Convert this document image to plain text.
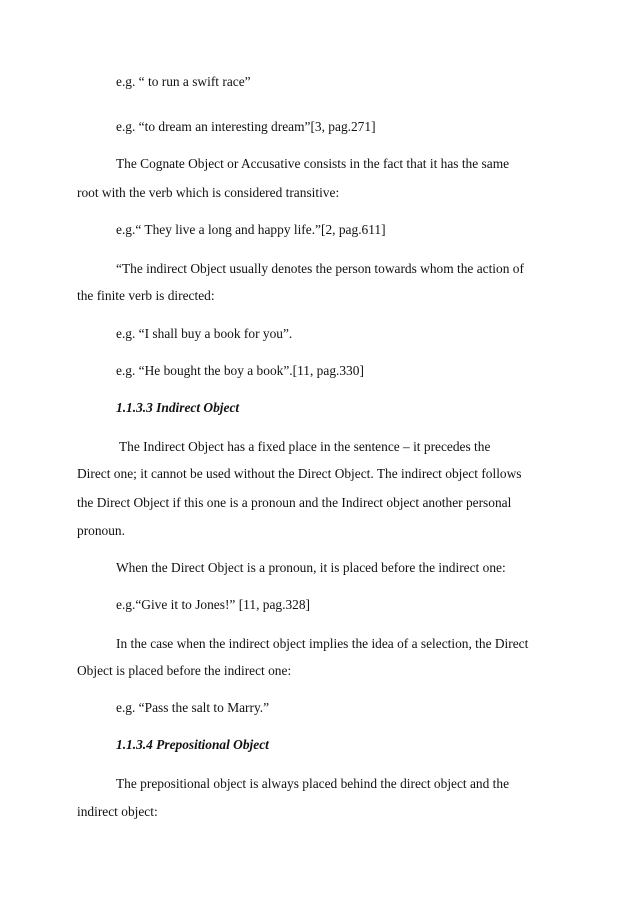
e.g. “ to run a swift race”
e.g. “to dream an interesting dream”[3, pag.271]
The Cognate Object or Accusative consists in the fact that it has the same
root with the verb which is considered transitive:
e.g.“ They live a long and happy life.”[2, pag.611]
“The indirect Object usually denotes the person towards whom the action of
the finite verb is directed:
e.g. “I shall buy a book for you”.
e.g. “He bought the boy a book”.[11, pag.330]
1.1.3.3 Indirect Object
The Indirect Object has a fixed place in the sentence – it precedes the
Direct one; it cannot be used without the Direct Object. The indirect object follows
the Direct Object if this one is a pronoun and the Indirect object another personal
pronoun.
When the Direct Object is a pronoun, it is placed before the indirect one:
e.g.“Give it to Jones!” [11, pag.328]
In the case when the indirect object implies the idea of a selection, the Direct
Object is placed before the indirect one:
e.g. “Pass the salt to Marry.”
1.1.3.4 Prepositional Object
The prepositional object is always placed behind the direct object and the
indirect object:
